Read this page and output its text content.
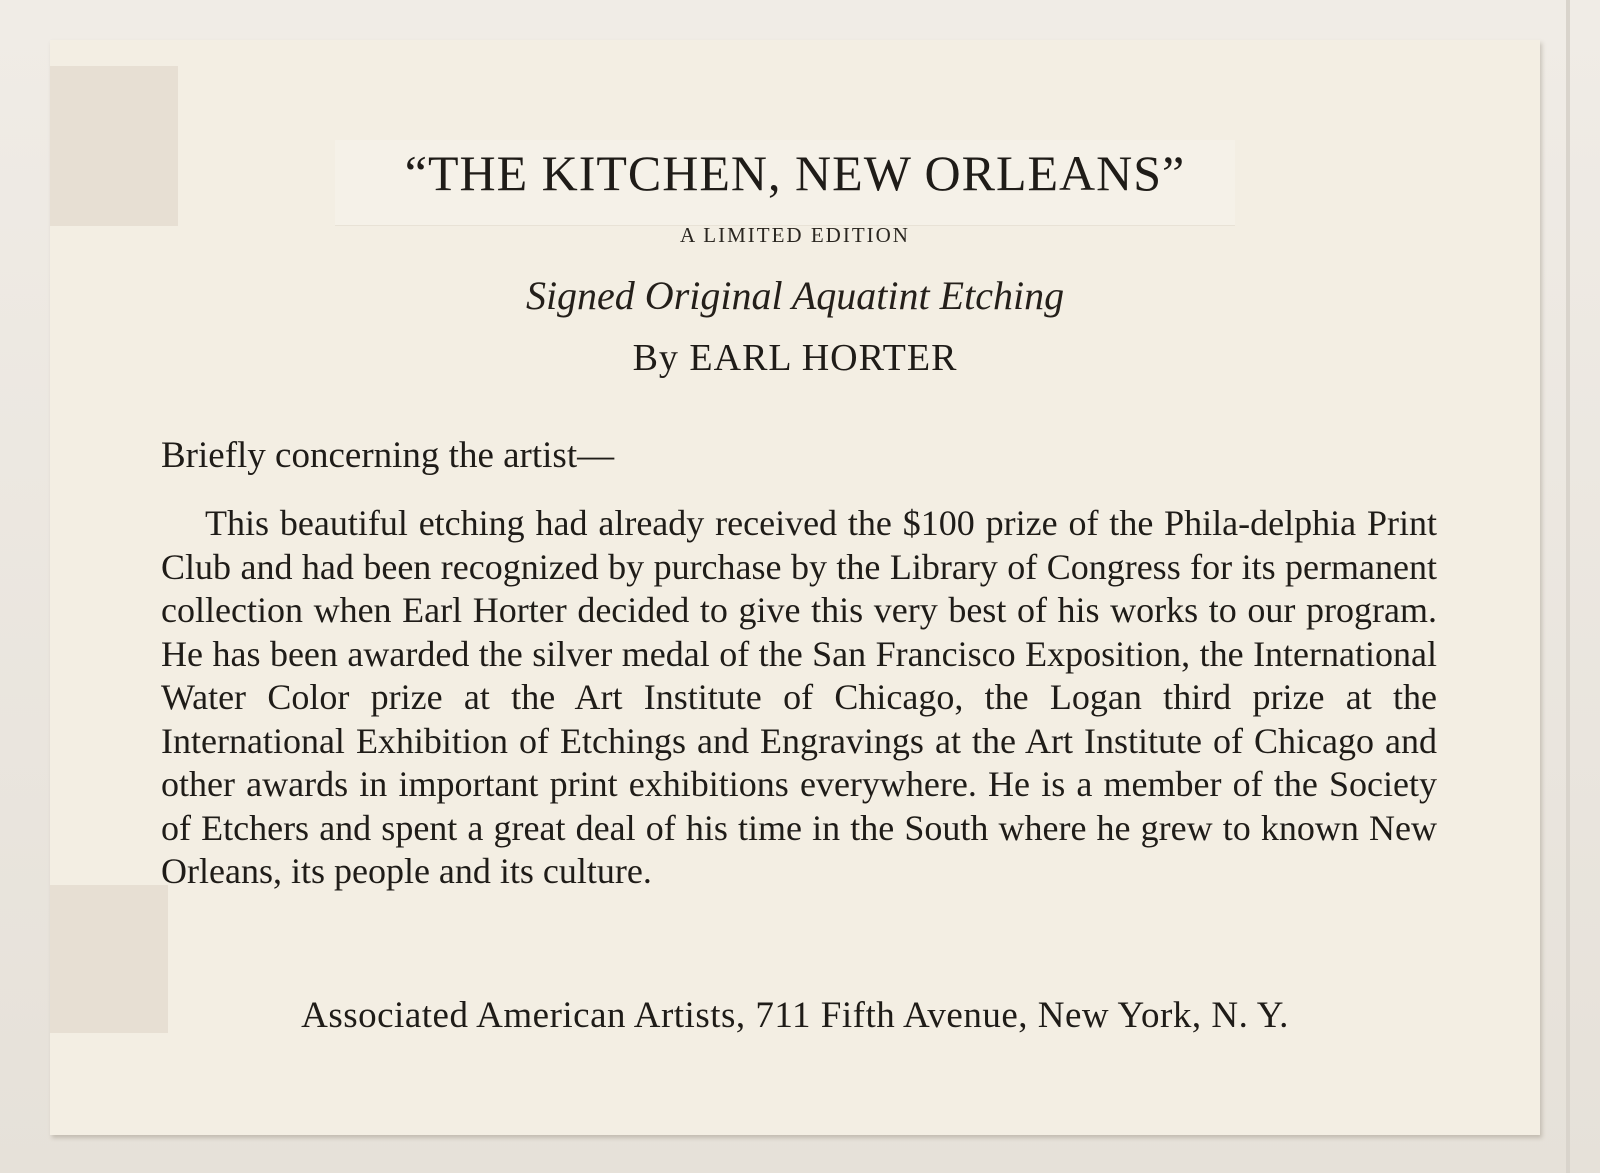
“THE KITCHEN, NEW ORLEANS”
A LIMITED EDITION
Signed Original Aquatint Etching
By EARL HORTER
Briefly concerning the artist—
This beautiful etching had already received the $100 prize of the Phila-delphia Print Club and had been recognized by purchase by the Library of Congress for its permanent collection when Earl Horter decided to give this very best of his works to our program. He has been awarded the silver medal of the San Francisco Exposition, the International Water Color prize at the Art Institute of Chicago, the Logan third prize at the International Exhibition of Etchings and Engravings at the Art Institute of Chicago and other awards in important print exhibitions everywhere. He is a member of the Society of Etchers and spent a great deal of his time in the South where he grew to known New Orleans, its people and its culture.
Associated American Artists, 711 Fifth Avenue, New York, N. Y.
